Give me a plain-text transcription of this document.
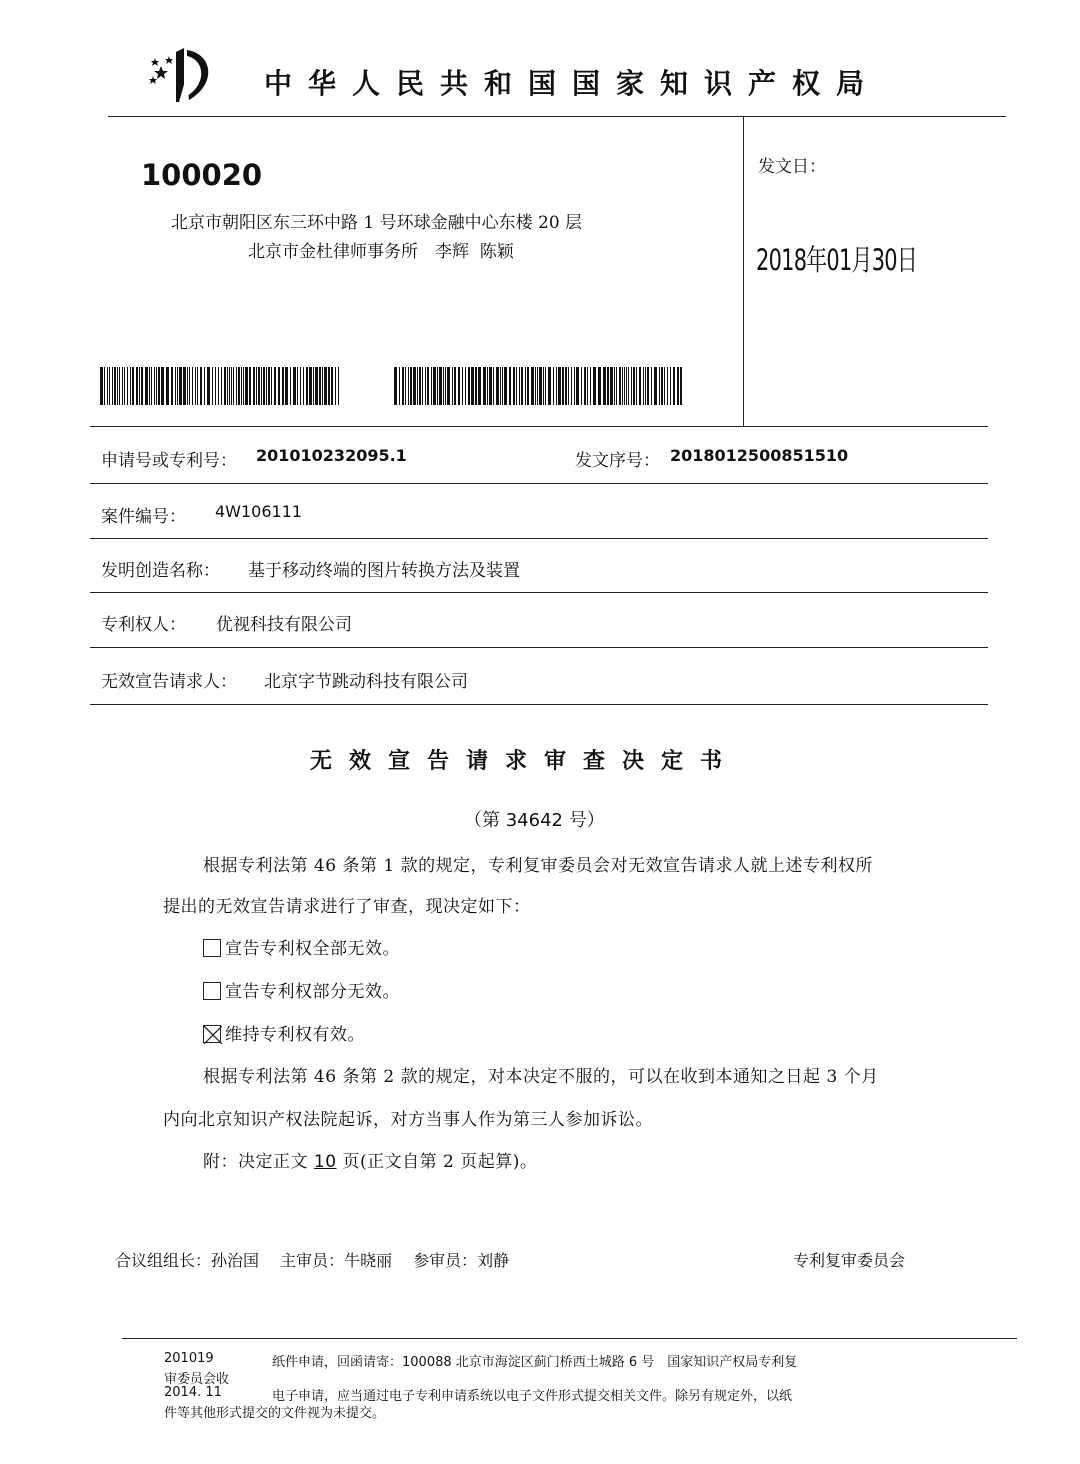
中华人民共和国国家知识产权局
100020
北京市朝阳区东三环中路 1 号环球金融中心东楼 20 层
北京市金杜律师事务所　李辉  陈颖
发文日：
2018年01月30日
申请号或专利号： 201010232095.1	发文序号： 2018012500851510
案件编号： 4W106111
发明创造名称： 基于移动终端的图片转换方法及装置
专利权人： 优视科技有限公司
无效宣告请求人： 北京字节跳动科技有限公司
无效宣告请求审查决定书
（第 34642 号）
根据专利法第 46 条第 1 款的规定，专利复审委员会对无效宣告请求人就上述专利权所
提出的无效宣告请求进行了审查，现决定如下：
宣告专利权全部无效。
宣告专利权部分无效。
维持专利权有效。
根据专利法第 46 条第 2 款的规定，对本决定不服的，可以在收到本通知之日起 3 个月
内向北京知识产权法院起诉，对方当事人作为第三人参加诉讼。
附：决定正文 10 页(正文自第 2 页起算)。
合议组组长：孙治国　 主审员：牛晓丽　 参审员：刘静	专利复审委员会
201019	纸件申请，回函请寄：100088 北京市海淀区蓟门桥西土城路 6 号　国家知识产权局专利复
审委员会收
2014. 11	电子申请，应当通过电子专利申请系统以电子文件形式提交相关文件。除另有规定外，以纸
件等其他形式提交的文件视为未提交。
